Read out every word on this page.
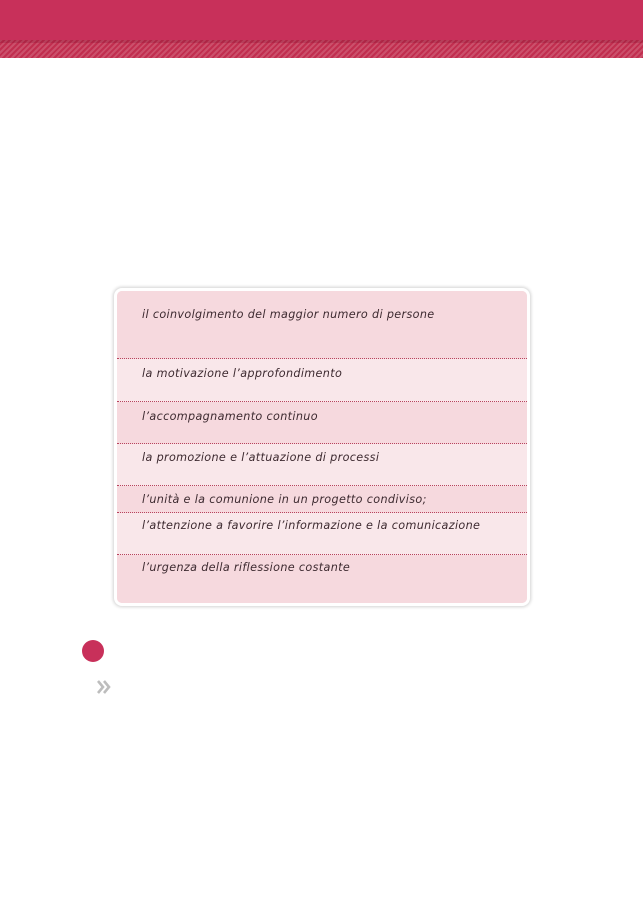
il coinvolgimento del maggior numero di persone
la motivazione l’approfondimento
l’accompagnamento continuo
la promozione e l’attuazione di processi
l’unità e la comunione in un progetto condiviso;
l’attenzione a favorire l’informazione e la comunicazione
l’urgenza della riflessione costante
